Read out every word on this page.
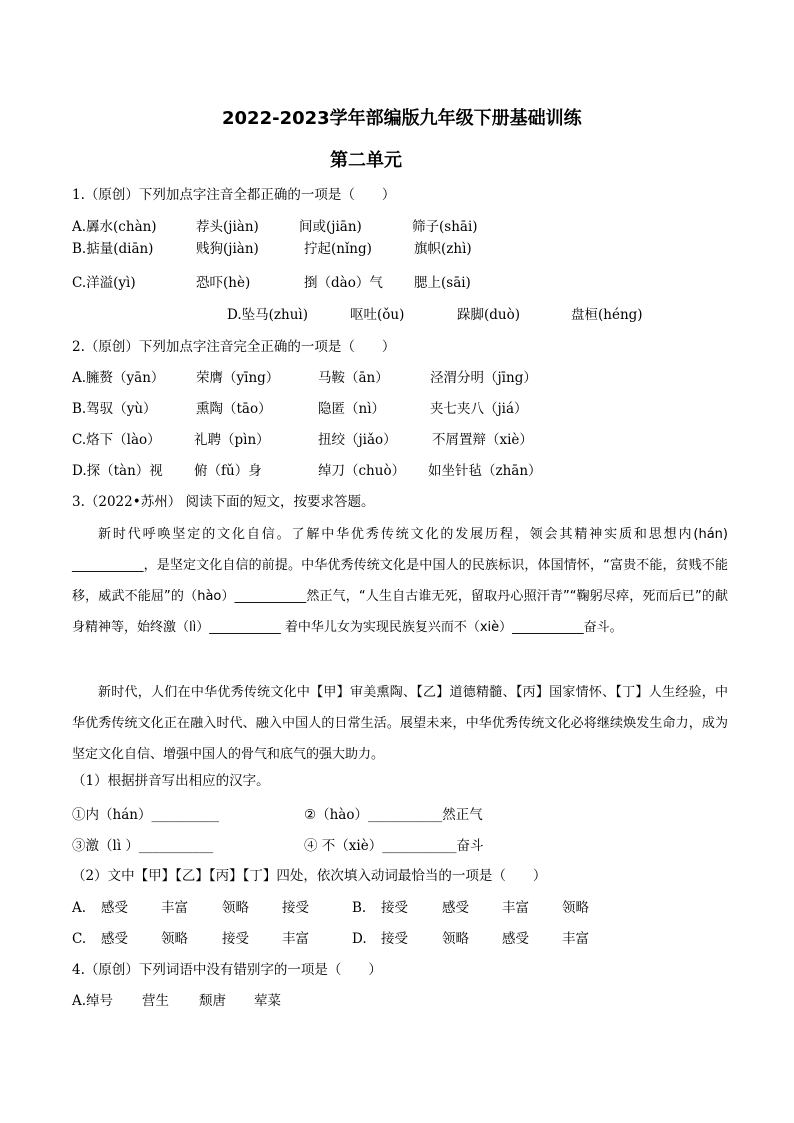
2022-2023学年部编版九年级下册基础训练
第二单元
1.（原创）下列加点字注音全都正确的一项是（　　）
A.羼水(chàn)	荐头(jiàn)	间或(jiān)	筛子(shāi)
B.掂量(diān)	贱狗(jiàn)	拧起(nǐng)	旗帜(zhì)
C.洋溢(yì)	恐吓(hè)	捯（dào）气 腮上(sāi)
D.坠马(zhuì)	呕吐(ǒu)	跺脚(duò)	盘桓(héng)
2.（原创）下列加点字注音完全正确的一项是（　　）
A.臃赘（yān） 荣膺（yīng）	马鞍（ān）	泾渭分明（jīng）
B.驾驭（yù）	熏陶（tāo）	隐匿（nì）	夹七夹八（jiá）
C.烙下（lào） 礼聘（pìn）	扭绞（jiǎo）	不屑置辩（xiè）
D.探（tàn）视 俯（fǔ）身	绰刀（chuò） 如坐针毡（zhān）
3.（2022•苏州） 阅读下面的短文，按要求答题。
新时代呼唤坚定的文化自信。了解中华优秀传统文化的发展历程，领会其精神实质和思想内(hán) ___________，是坚定文化自信的前提。中华优秀传统文化是中国人的民族标识，体国情怀，“富贵不能，贫贱不能移，威武不能屈”的（hào）___________然正气，“人生自古谁无死，留取丹心照汗青”“鞠躬尽瘁，死而后已”的献身精神等，始终激（lì）___________ 着中华儿女为实现民族复兴而不（xiè）___________奋斗。
新时代，人们在中华优秀传统文化中【甲】审美熏陶、【乙】道德精髓、【丙】国家情怀、【丁】人生经验，中华优秀传统文化正在融入时代、融入中国人的日常生活。展望未来，中华优秀传统文化必将继续焕发生命力，成为坚定文化自信、增强中国人的骨气和底气的强大助力。
（1）根据拼音写出相应的汉字。
①内（hán）__________	②（hào）___________然正气
③激（lì ）___________	④ 不（xiè）___________奋斗
（2）文中【甲】【乙】【丙】【丁】四处，依次填入动词最恰当的一项是（　　）
A. 感受 丰富	领略 接受	B. 接受	感受 丰富 领略
C. 感受 领略	接受 丰富	D. 接受	领略 感受 丰富
4.（原创）下列词语中没有错别字的一项是（　　）
A.绰号 营生 颓唐 荤菜
